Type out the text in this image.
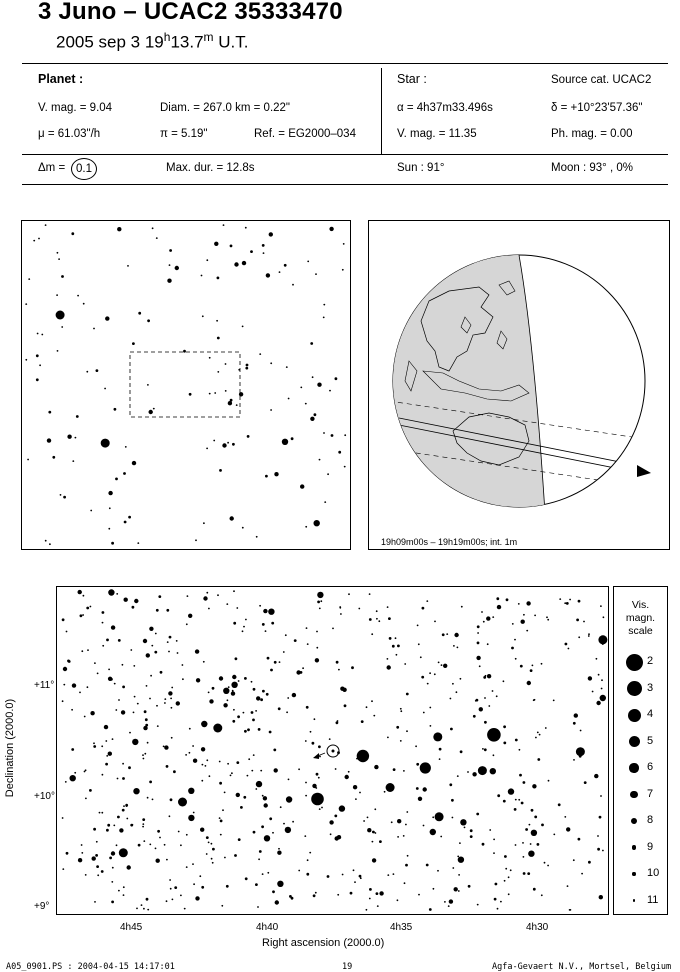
3 Juno – UCAC2 35333470
2005 sep 3 19$^h$13.7$^m$ U.T.
Planet :
V. mag. = 9.04	Diam. = 267.0 km = 0.22"
μ = 61.03"/h	π = 5.19"	Ref. = EG2000–034
Star :	Source cat. UCAC2
α = 4h37m33.496s	δ = +10°23'57.36"
V. mag. = 11.35	Ph. mag. = 0.00
Δm = 0.1	Max. dur. = 12.8s	Sun : 91°	Moon : 93° , 0%
19h09m00s – 19h19m00s; int. 1m
+11°
+10°
+9°
4h45	4h40	4h35	4h30
Right ascension (2000.0)
Declination (2000.0)
Vis.
magn.
scale
2
3
4
5
6
7
8
9
10
11
A05_0901.PS : 2004-04-15 14:17:01	19	Agfa-Gevaert N.V., Mortsel, Belgium
